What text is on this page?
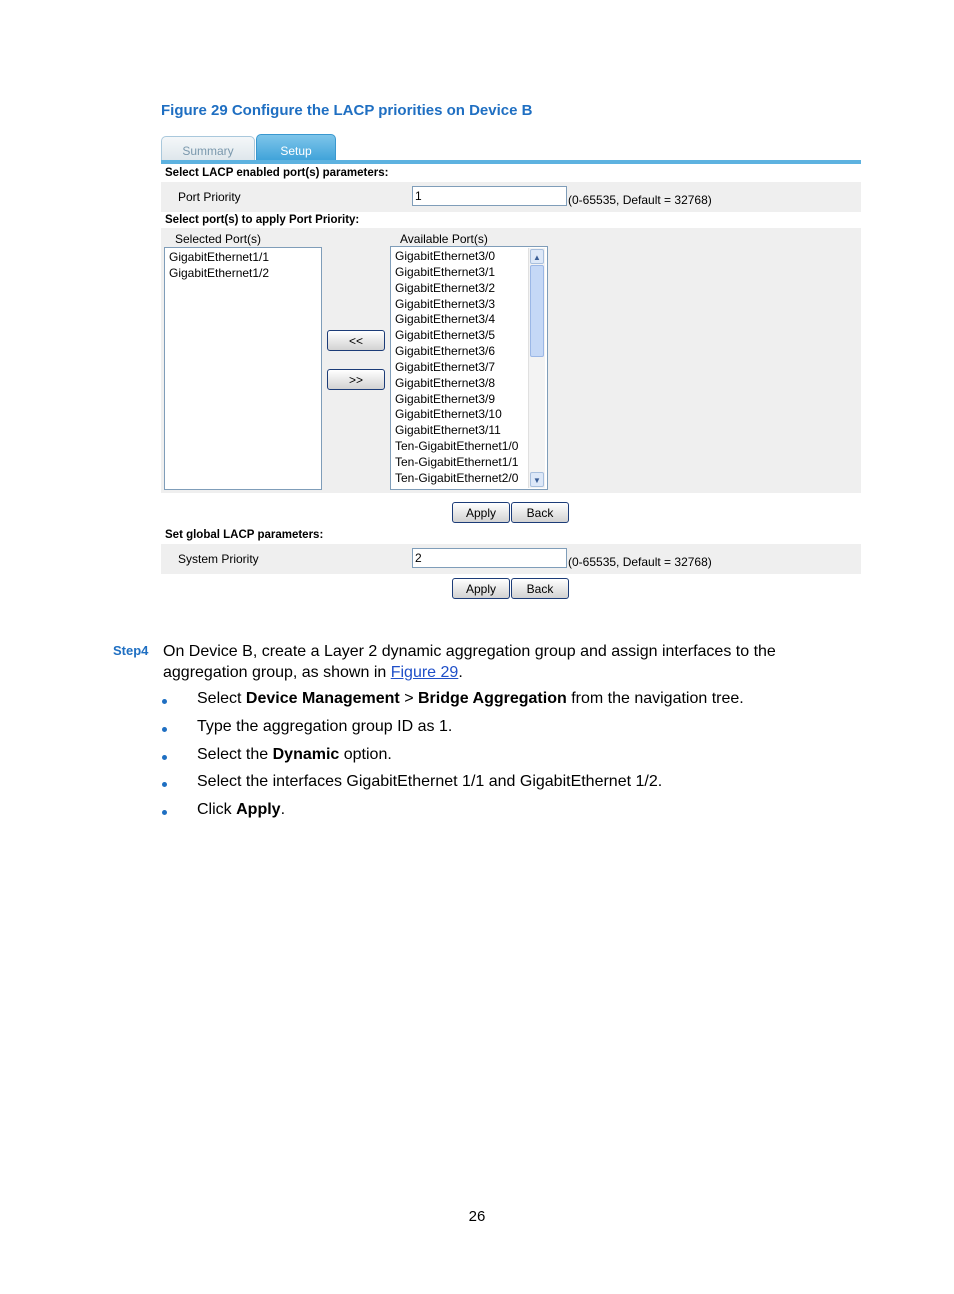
Figure 29 Configure the LACP priorities on Device B
Summary	Setup
Select LACP enabled port(s) parameters:
Port Priority
1	(0-65535, Default = 32768)
Select port(s) to apply Port Priority:
Selected Port(s)	Available Port(s)
GigabitEthernet1/1
GigabitEthernet1/2
<<
>>
GigabitEthernet3/0
GigabitEthernet3/1
GigabitEthernet3/2
GigabitEthernet3/3
GigabitEthernet3/4
GigabitEthernet3/5
GigabitEthernet3/6
GigabitEthernet3/7
GigabitEthernet3/8
GigabitEthernet3/9
GigabitEthernet3/10
GigabitEthernet3/11
Ten-GigabitEthernet1/0
Ten-GigabitEthernet1/1
Ten-GigabitEthernet2/0
▲
▼
Apply	Back
Set global LACP parameters:
System Priority
2	(0-65535, Default = 32768)
Apply	Back
Step4 On Device B, create a Layer 2 dynamic aggregation group and assign interfaces to the aggregation group, as shown in Figure 29.
Select Device Management > Bridge Aggregation from the navigation tree.
Type the aggregation group ID as 1.
Select the Dynamic option.
Select the interfaces GigabitEthernet 1/1 and GigabitEthernet 1/2.
Click Apply.
26
